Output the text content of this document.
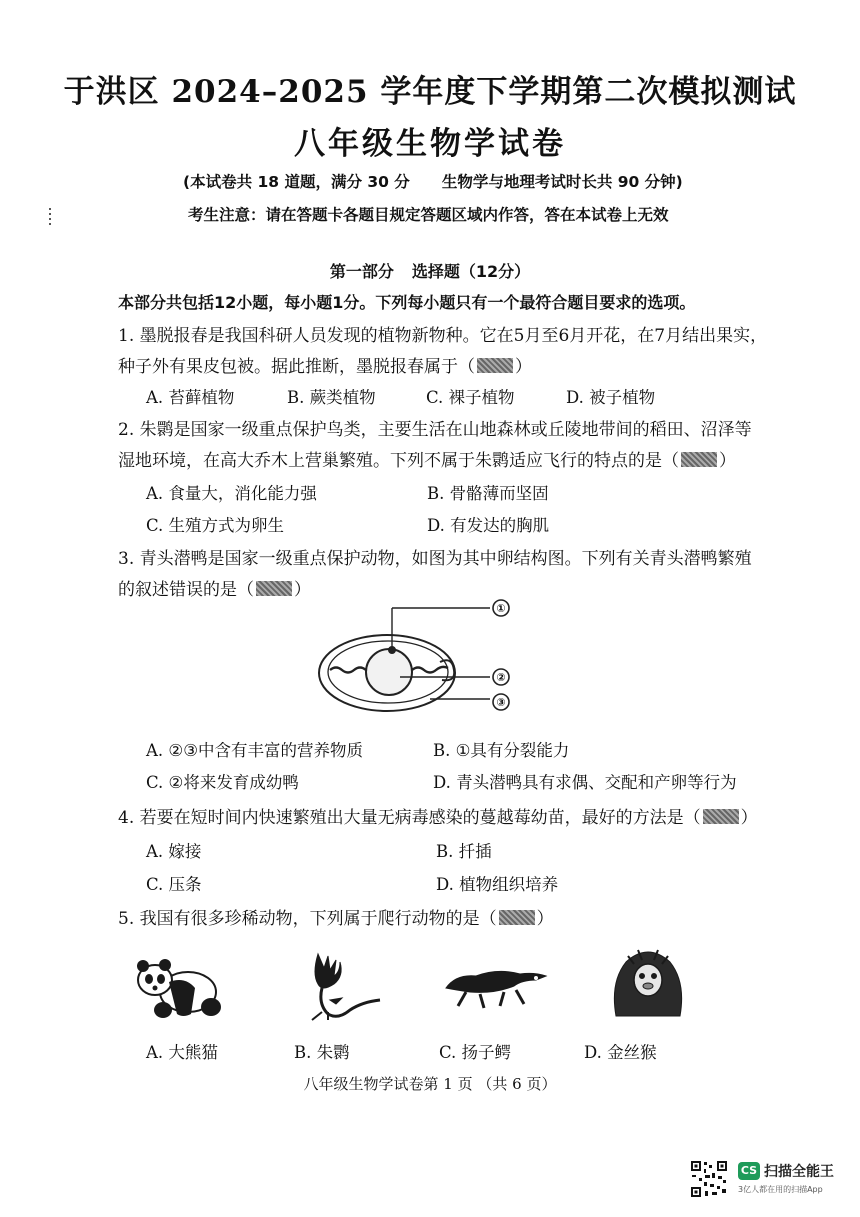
于洪区 2024–2025 学年度下学期第二次模拟测试
八年级生物学试卷
(本试卷共 18 道题，满分 30 分 生物学与地理考试时长共 90 分钟)
考生注意：请在答题卡各题目规定答题区域内作答，答在本试卷上无效
第一部分 选择题（12分）
本部分共包括12小题，每小题1分。下列每小题只有一个最符合题目要求的选项。
1. 墨脱报春是我国科研人员发现的植物新物种。它在5月至6月开花，在7月结出果实，
种子外有果皮包被。据此推断，墨脱报春属于（ ）
A. 苔藓植物	B. 蕨类植物	C. 裸子植物	D. 被子植物
2. 朱鹮是国家一级重点保护鸟类，主要生活在山地森林或丘陵地带间的稻田、沼泽等
湿地环境，在高大乔木上营巢繁殖。下列不属于朱鹮适应飞行的特点的是（ ）
A. 食量大，消化能力强	B. 骨骼薄而坚固
C. 生殖方式为卵生	D. 有发达的胸肌
3. 青头潜鸭是国家一级重点保护动物，如图为其中卵结构图。下列有关青头潜鸭繁殖
的叙述错误的是（ ）
①
②
③
A. ②③中含有丰富的营养物质	B. ①具有分裂能力
C. ②将来发育成幼鸭	D. 青头潜鸭具有求偶、交配和产卵等行为
4. 若要在短时间内快速繁殖出大量无病毒感染的蔓越莓幼苗，最好的方法是（ ）
A. 嫁接	B. 扦插
C. 压条	D. 植物组织培养
5. 我国有很多珍稀动物，下列属于爬行动物的是（ ）
A. 大熊猫	B. 朱鹮	C. 扬子鳄	D. 金丝猴
八年级生物学试卷第 1 页 （共 6 页）
CS 扫描全能王
3亿人都在用的扫描App
